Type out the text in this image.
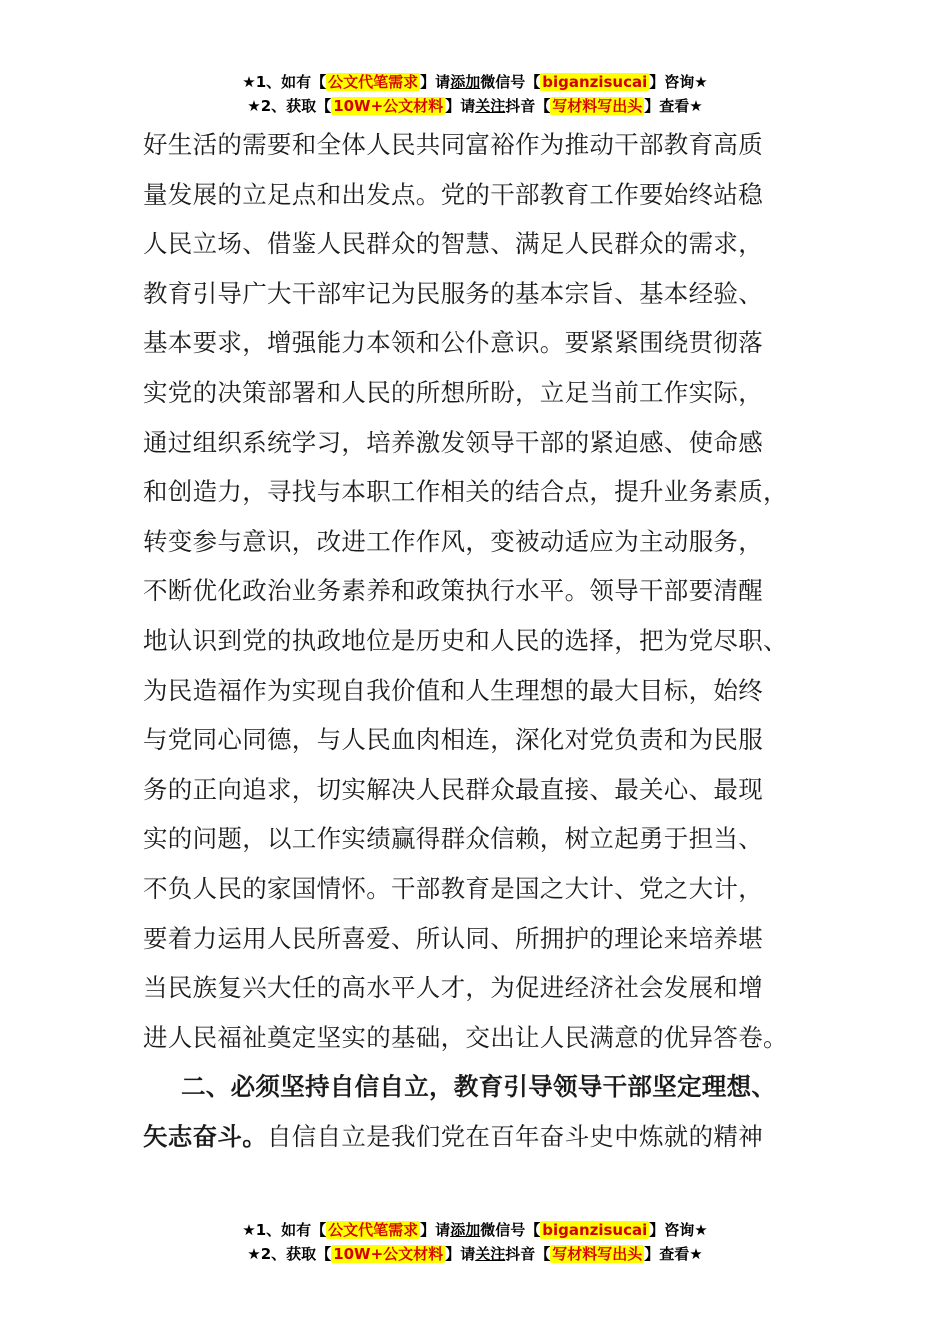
★1、如有【 公文代笔需求 】请添加微信号【 biganzisucai 】咨询★
★2、获取【 10W+公文材料 】请关注抖音【 写材料写出头 】查看★
好生活的需要和全体人民共同富裕作为推动干部教育高质
量发展的立足点和出发点。党的干部教育工作要始终站稳
人民立场、借鉴人民群众的智慧、满足人民群众的需求，
教育引导广大干部牢记为民服务的基本宗旨、基本经验、
基本要求，增强能力本领和公仆意识。要紧紧围绕贯彻落
实党的决策部署和人民的所想所盼，立足当前工作实际，
通过组织系统学习，培养激发领导干部的紧迫感、使命感
和创造力，寻找与本职工作相关的结合点，提升业务素质，
转变参与意识，改进工作作风，变被动适应为主动服务，
不断优化政治业务素养和政策执行水平。领导干部要清醒
地认识到党的执政地位是历史和人民的选择，把为党尽职、
为民造福作为实现自我价值和人生理想的最大目标，始终
与党同心同德，与人民血肉相连，深化对党负责和为民服
务的正向追求，切实解决人民群众最直接、最关心、最现
实的问题，以工作实绩赢得群众信赖，树立起勇于担当、
不负人民的家国情怀。干部教育是国之大计、党之大计，
要着力运用人民所喜爱、所认同、所拥护的理论来培养堪
当民族复兴大任的高水平人才，为促进经济社会发展和增
进人民福祉奠定坚实的基础，交出让人民满意的优异答卷。
二、必须坚持自信自立，教育引导领导干部坚定理想、
矢志奋斗。自信自立是我们党在百年奋斗史中炼就的精神
★1、如有【 公文代笔需求 】请添加微信号【 biganzisucai 】咨询★
★2、获取【 10W+公文材料 】请关注抖音【 写材料写出头 】查看★
